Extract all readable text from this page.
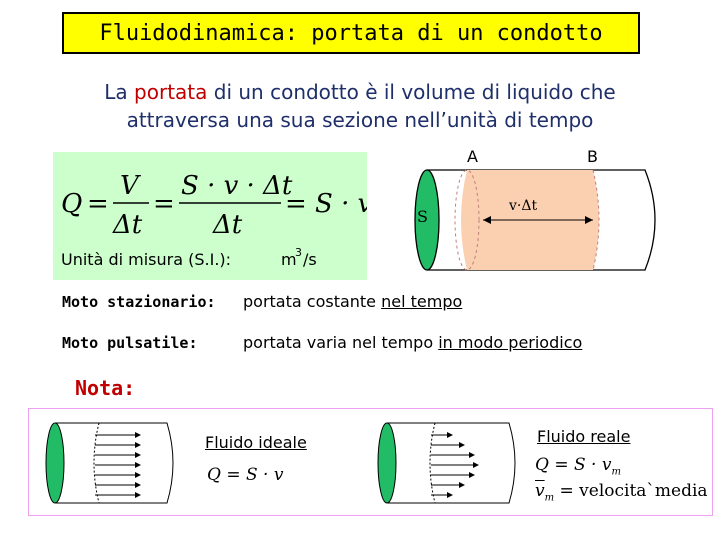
Fluidodinamica: portata di un condotto
La portata di un condotto è il volume di liquido che
attraversa una sua sezione nell’unità di tempo
Q =
V
Δt
=
S · v · Δt
Δt
= S · v
Unità di misura (S.I.):	m
3 /s
A	B
S
v·Δt
Moto stazionario: portata costante nel tempo
Moto pulsatile:	portata varia nel tempo in modo periodico
Nota:
Fluido ideale
Q = S · v
Fluido reale
$Q = S \cdot v_m$
$\overline{v}_m$ = velocita`media
